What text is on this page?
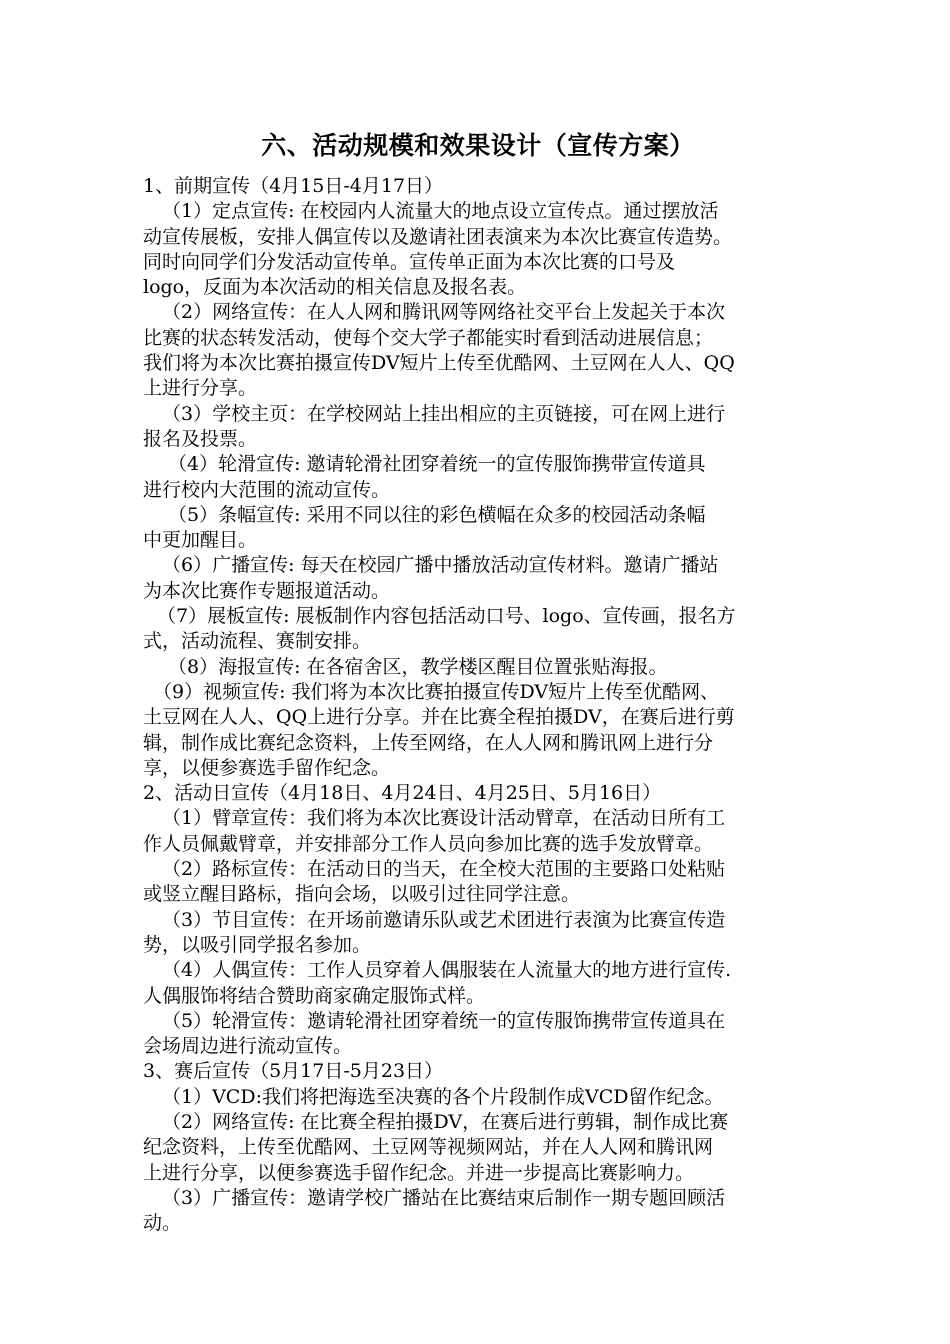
六、活动规模和效果设计（宣传方案）
1、前期宣传（4月15日-4月17日）
（1）定点宣传: 在校园内人流量大的地点设立宣传点。通过摆放活
动宣传展板，安排人偶宣传以及邀请社团表演来为本次比赛宣传造势。
同时向同学们分发活动宣传单。宣传单正面为本次比赛的口号及
logo，反面为本次活动的相关信息及报名表。
（2）网络宣传：在人人网和腾讯网等网络社交平台上发起关于本次
比赛的状态转发活动，使每个交大学子都能实时看到活动进展信息；
我们将为本次比赛拍摄宣传DV短片上传至优酷网、土豆网在人人、QQ
上进行分享。
（3）学校主页：在学校网站上挂出相应的主页链接，可在网上进行
报名及投票。
（4）轮滑宣传: 邀请轮滑社团穿着统一的宣传服饰携带宣传道具
进行校内大范围的流动宣传。
（5）条幅宣传: 采用不同以往的彩色横幅在众多的校园活动条幅
中更加醒目。
（6）广播宣传: 每天在校园广播中播放活动宣传材料。邀请广播站
为本次比赛作专题报道活动。
（7）展板宣传: 展板制作内容包括活动口号、logo、宣传画，报名方
式，活动流程、赛制安排。
（8）海报宣传: 在各宿舍区，教学楼区醒目位置张贴海报。
（9）视频宣传: 我们将为本次比赛拍摄宣传DV短片上传至优酷网、
土豆网在人人、QQ上进行分享。并在比赛全程拍摄DV，在赛后进行剪
辑，制作成比赛纪念资料，上传至网络，在人人网和腾讯网上进行分
享，以便参赛选手留作纪念。
2、活动日宣传（4月18日、4月24日、4月25日、5月16日）
（1）臂章宣传：我们将为本次比赛设计活动臂章，在活动日所有工
作人员佩戴臂章，并安排部分工作人员向参加比赛的选手发放臂章。
（2）路标宣传：在活动日的当天，在全校大范围的主要路口处粘贴
或竖立醒目路标，指向会场，以吸引过往同学注意。
（3）节目宣传：在开场前邀请乐队或艺术团进行表演为比赛宣传造
势，以吸引同学报名参加。
（4）人偶宣传：工作人员穿着人偶服装在人流量大的地方进行宣传.
人偶服饰将结合赞助商家确定服饰式样。
（5）轮滑宣传：邀请轮滑社团穿着统一的宣传服饰携带宣传道具在
会场周边进行流动宣传。
3、赛后宣传（5月17日-5月23日）
（1）VCD:我们将把海选至决赛的各个片段制作成VCD留作纪念。
（2）网络宣传: 在比赛全程拍摄DV，在赛后进行剪辑，制作成比赛
纪念资料，上传至优酷网、土豆网等视频网站，并在人人网和腾讯网
上进行分享，以便参赛选手留作纪念。并进一步提高比赛影响力。
（3）广播宣传：邀请学校广播站在比赛结束后制作一期专题回顾活
动。
